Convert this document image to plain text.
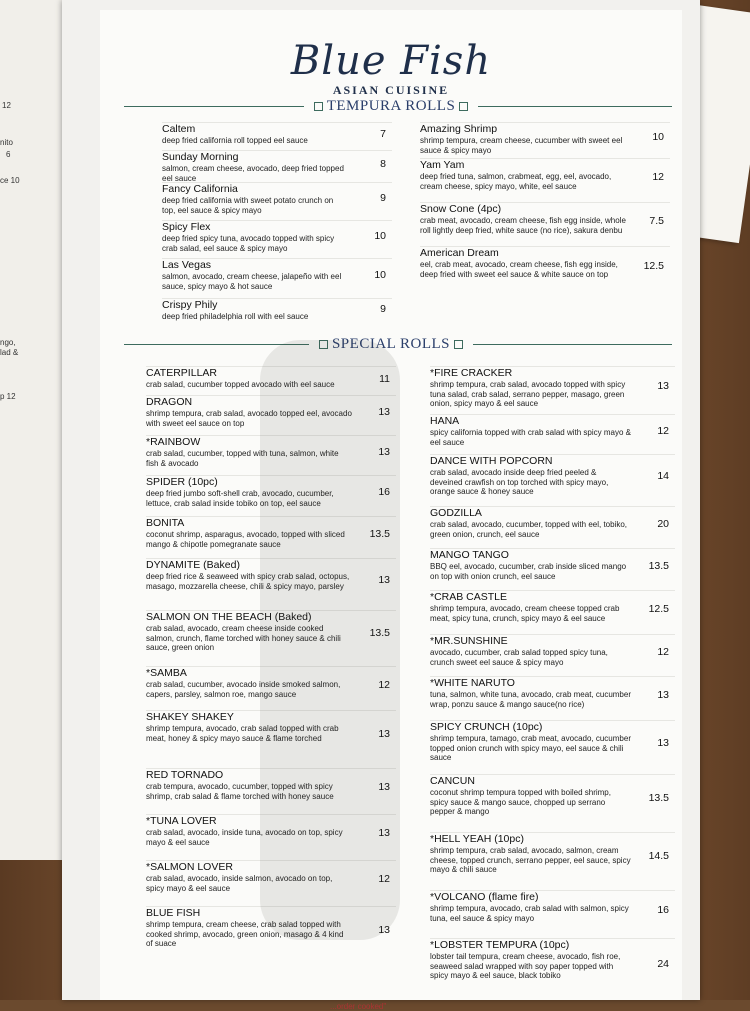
12
nito
6
ce 10
ngo,
lad &
p 12
Blue Fish
ASIAN CUISINE
TEMPURA ROLLS
Caltem
deep fried california roll topped eel sauce
7
Sunday Morning
salmon, cream cheese, avocado, deep fried topped eel sauce
8
Fancy California
deep fried california with sweet potato crunch on top, eel sauce & spicy mayo
9
Spicy Flex
deep fried spicy tuna, avocado topped with spicy crab salad, eel sauce & spicy mayo
10
Las Vegas
salmon, avocado, cream cheese, jalapeño with eel sauce, spicy mayo & hot sauce
10
Crispy Phily
deep fried philadelphia roll with eel sauce
9
Amazing Shrimp
shrimp tempura, cream cheese, cucumber with sweet eel sauce & spicy mayo
10
Yam Yam
deep fried tuna, salmon, crabmeat, egg, eel, avocado, cream cheese, spicy mayo, white, eel sauce
12
Snow Cone (4pc)
crab meat, avocado, cream cheese, fish egg inside, whole roll lightly deep fried, white sauce (no rice), sakura denbu
7.5
American Dream
eel, crab meat, avocado, cream cheese, fish egg inside, deep fried with sweet eel sauce & white sauce on top
12.5
SPECIAL ROLLS
CATERPILLAR
crab salad, cucumber topped avocado with eel sauce	11
DRAGON
shrimp tempura, crab salad, avocado topped eel, avocado with sweet eel sauce on top
13
*RAINBOW
crab salad, cucumber, topped with tuna, salmon, white fish & avocado
13
SPIDER (10pc)
deep fried jumbo soft-shell crab, avocado, cucumber, lettuce, crab salad inside tobiko on top, eel sauce
16
BONITA
coconut shrimp, asparagus, avocado, topped with sliced mango & chipotle pomegranate sauce
13.5
DYNAMITE (Baked)
deep fried rice & seaweed with spicy crab salad, octopus, masago, mozzarella cheese, chili & spicy mayo, parsley
13
SALMON ON THE BEACH (Baked)
crab salad, avocado, cream cheese inside cooked salmon, crunch, flame torched with honey sauce & chili sauce, green onion
13.5
*SAMBA
crab salad, cucumber, avocado inside smoked salmon, capers, parsley, salmon roe, mango sauce
12
SHAKEY SHAKEY
shrimp tempura, avocado, crab salad topped with crab meat, honey & spicy mayo sauce & flame torched	13
RED TORNADO
crab tempura, avocado, cucumber, topped with spicy shrimp, crab salad & flame torched with honey sauce
13
*TUNA LOVER
crab salad, avocado, inside tuna, avocado on top, spicy mayo & eel sauce
13
*SALMON LOVER
crab salad, avocado, inside salmon, avocado on top, spicy mayo & eel sauce
12
BLUE FISH
shrimp tempura, cream cheese, crab salad topped with cooked shrimp, avocado, green onion, masago & 4 kind of suace
13
*FIRE CRACKER
shrimp tempura, crab salad, avocado topped with spicy tuna salad, crab salad, serrano pepper, masago, green onion, spicy mayo & eel sauce
13
HANA
spicy california topped with crab salad with spicy mayo & eel sauce
12
DANCE WITH POPCORN
crab salad, avocado inside deep fried peeled & deveined crawfish on top torched with spicy mayo, orange sauce & honey sauce
14
GODZILLA
crab salad, avocado, cucumber, topped with eel, tobiko, green onion, crunch, eel sauce
20
MANGO TANGO
BBQ eel, avocado, cucumber, crab inside sliced mango on top with onion crunch, eel sauce
13.5
*CRAB CASTLE
shrimp tempura, avocado, cream cheese topped crab meat, spicy tuna, crunch, spicy mayo & eel sauce
12.5
*MR.SUNSHINE
avocado, cucumber, crab salad topped spicy tuna, crunch sweet eel sauce & spicy mayo
12
*WHITE NARUTO
tuna, salmon, white tuna, avocado, crab meat, cucumber wrap, ponzu sauce & mango sauce(no rice)
13
SPICY CRUNCH (10pc)
shrimp tempura, tamago, crab meat, avocado, cucumber topped onion crunch with spicy mayo, eel sauce & chili sauce
13
CANCUN
coconut shrimp tempura topped with boiled shrimp, spicy sauce & mango sauce, chopped up serrano pepper & mango
13.5
*HELL YEAH (10pc)
shrimp tempura, crab salad, avocado, salmon, cream cheese, topped crunch, serrano pepper, eel sauce, spicy mayo & chili sauce
14.5
*VOLCANO (flame fire)
shrimp tempura, avocado, crab salad with salmon, spicy tuna, eel sauce & spicy mayo
16
*LOBSTER TEMPURA (10pc)
lobster tail tempura, cream cheese, avocado, fish roe, seaweed salad wrapped with soy paper topped with spicy mayo & eel sauce, black tobiko
24
...order cooked"
